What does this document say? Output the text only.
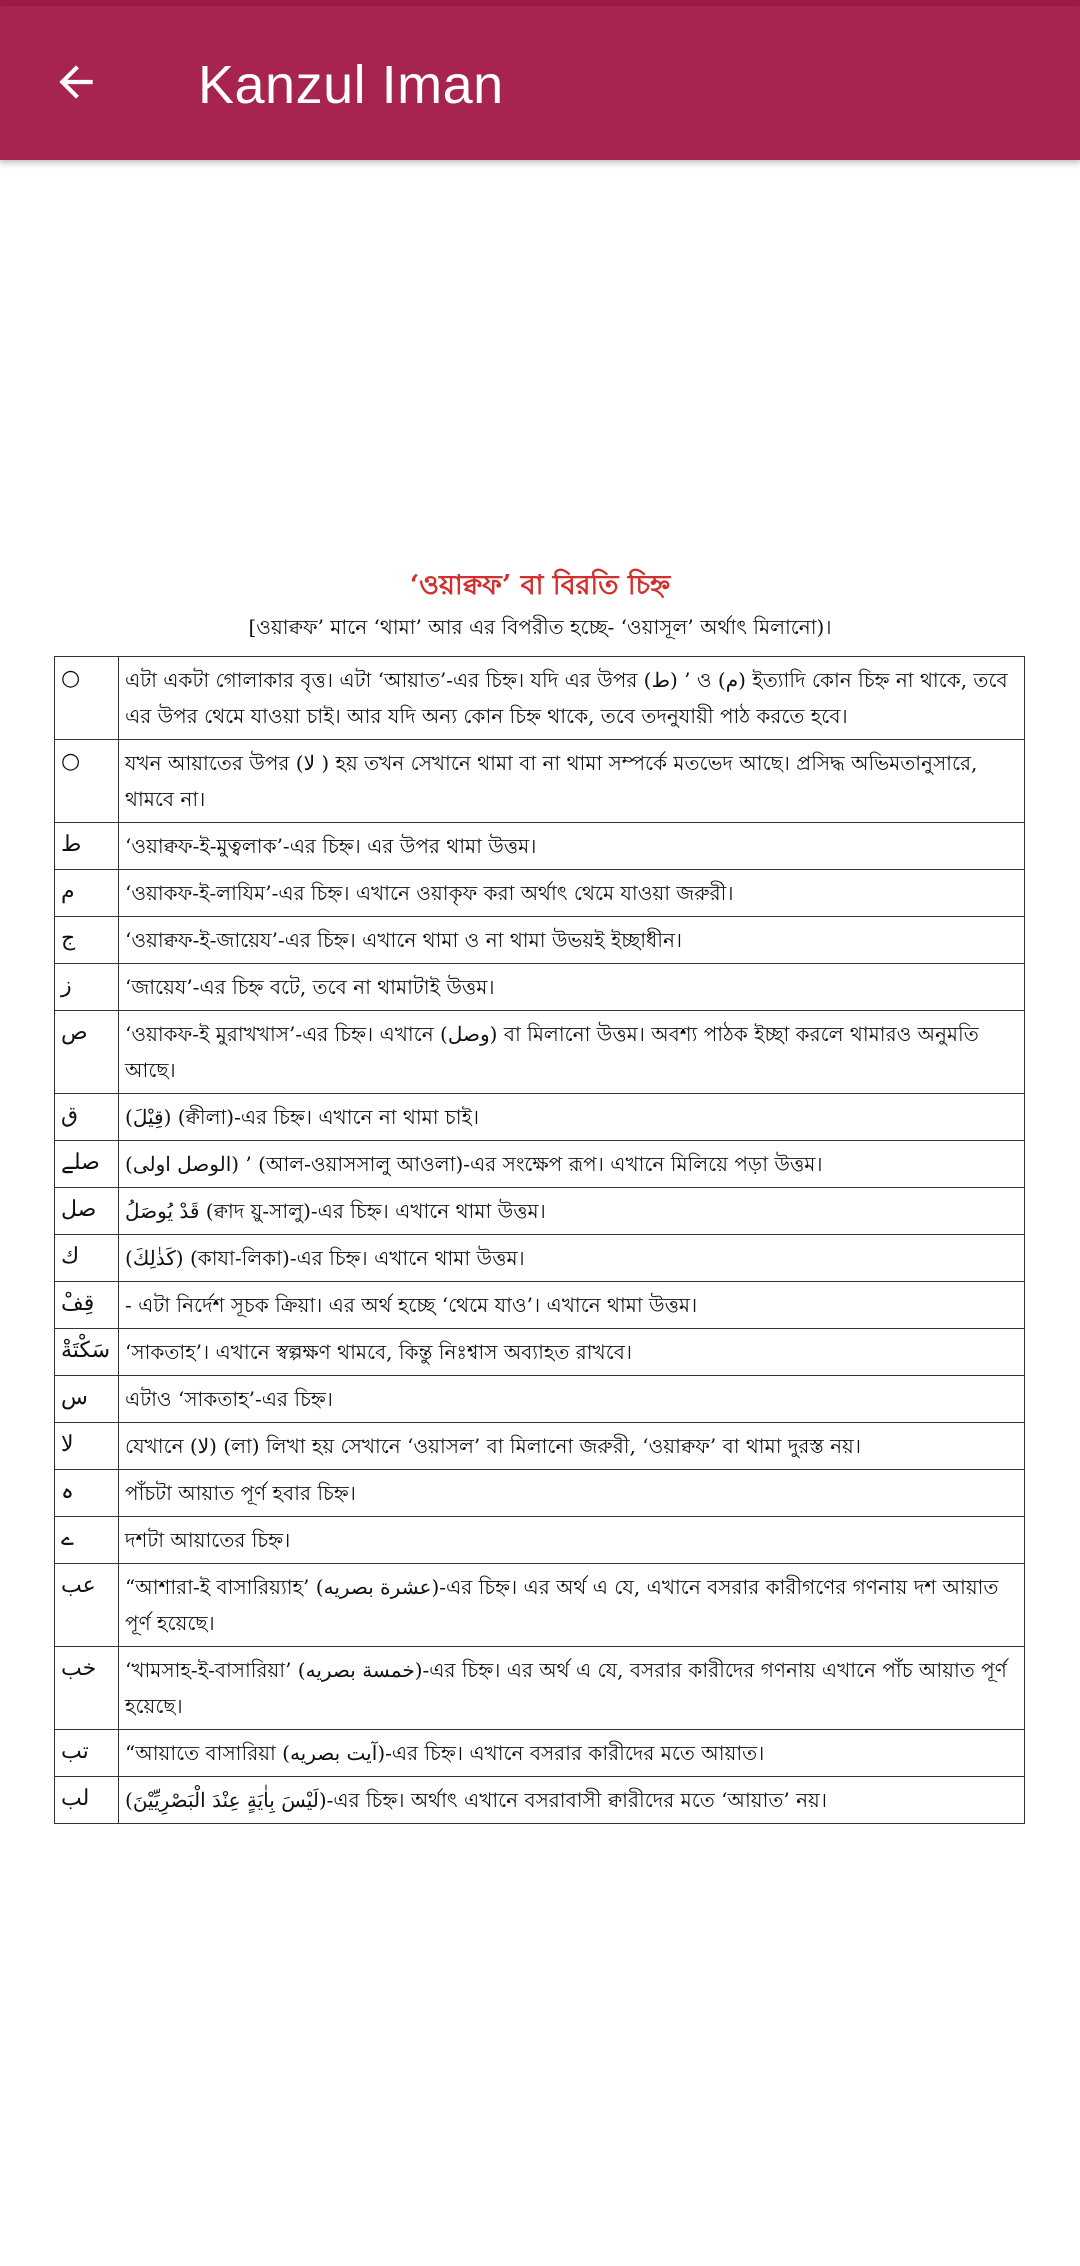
Kanzul Iman
‘ওয়াক্বফ’ বা বিরতি চিহ্ন
[ওয়াক্বফ’ মানে ‘থামা’ আর এর বিপরীত হচ্ছে- ‘ওয়াসূল’ অর্থাৎ মিলানো)।
○	এটা একটা গোলাকার বৃত্ত। এটা ‘আয়াত’-এর চিহ্ন। যদি এর উপর (ط) ’ ও (م) ইত্যাদি কোন চিহ্ন না থাকে, তবে এর উপর থেমে যাওয়া চাই। আর যদি অন্য কোন চিহ্ন থাকে, তবে তদনুযায়ী পাঠ করতে হবে।
○	যখন আয়াতের উপর (لا ) হয় তখন সেখানে থামা বা না থামা সম্পর্কে মতভেদ আছে। প্রসিদ্ধ অভিমতানুসারে, থামবে না।
ط	‘ওয়াক্বফ-ই-মুত্বলাক’-এর চিহ্ন। এর উপর থামা উত্তম।
م	‘ওয়াকফ-ই-লাযিম’-এর চিহ্ন। এখানে ওয়াকৃফ করা অর্থাৎ থেমে যাওয়া জরুরী।
ج	‘ওয়াক্বফ-ই-জায়েয’-এর চিহ্ন। এখানে থামা ও না থামা উভয়ই ইচ্ছাধীন।
ز	‘জায়েয’-এর চিহ্ন বটে, তবে না থামাটাই উত্তম।
ص	‘ওয়াকফ-ই মুরাখখাস’-এর চিহ্ন। এখানে (وصل) বা মিলানো উত্তম। অবশ্য পাঠক ইচ্ছা করলে থামারও অনুমতি আছে।
ق	(قِيْلَ) (ক্বীলা)-এর চিহ্ন। এখানে না থামা চাই।
صلے	(الوصل اولى) ’ (আল-ওয়াসসালু আওলা)-এর সংক্ষেপ রূপ। এখানে মিলিয়ে পড়া উত্তম।
صل	قَدْ يُوصَلُ (ক্বাদ য়ু-সালু)-এর চিহ্ন। এখানে থামা উত্তম।
ك	(كَذٰلِكَ) (কাযা-লিকা)-এর চিহ্ন। এখানে থামা উত্তম।
قِفْ	- এটা নির্দেশ সূচক ক্রিয়া। এর অর্থ হচ্ছে ‘থেমে যাও’। এখানে থামা উত্তম।
سَكْتَةْ	‘সাকতাহ’। এখানে স্বল্পক্ষণ থামবে, কিন্তু নিঃশ্বাস অব্যাহত রাখবে।
س	এটাও ‘সাকতাহ’-এর চিহ্ন।
لا	যেখানে (لا) (লা) লিখা হয় সেখানে ‘ওয়াসল’ বা মিলানো জরুরী, ‘ওয়াক্বফ’ বা থামা দুরস্ত নয়।
ہ	পাঁচটা আয়াত পূর্ণ হবার চিহ্ন।
ے	দশটা আয়াতের চিহ্ন।
عب	“আশারা-ই বাসারিয়্যাহ’ (عشرة بصريه)-এর চিহ্ন। এর অর্থ এ যে, এখানে বসরার কারীগণের গণনায় দশ আয়াত পূর্ণ হয়েছে।
خب	‘খামসাহ-ই-বাসারিয়া’ (خمسة بصريه)-এর চিহ্ন। এর অর্থ এ যে, বসরার কারীদের গণনায় এখানে পাঁচ আয়াত পূর্ণ হয়েছে।
تب	“আয়াতে বাসারিয়া (آيت بصريه)-এর চিহ্ন। এখানে বসরার কারীদের মতে আয়াত।
لب	(لَيْسَ بِاٰيَةٍ عِنْدَ الْبَصْرِيِّيْنَ)-এর চিহ্ন। অর্থাৎ এখানে বসরাবাসী ক্বারীদের মতে ‘আয়াত’ নয়।
